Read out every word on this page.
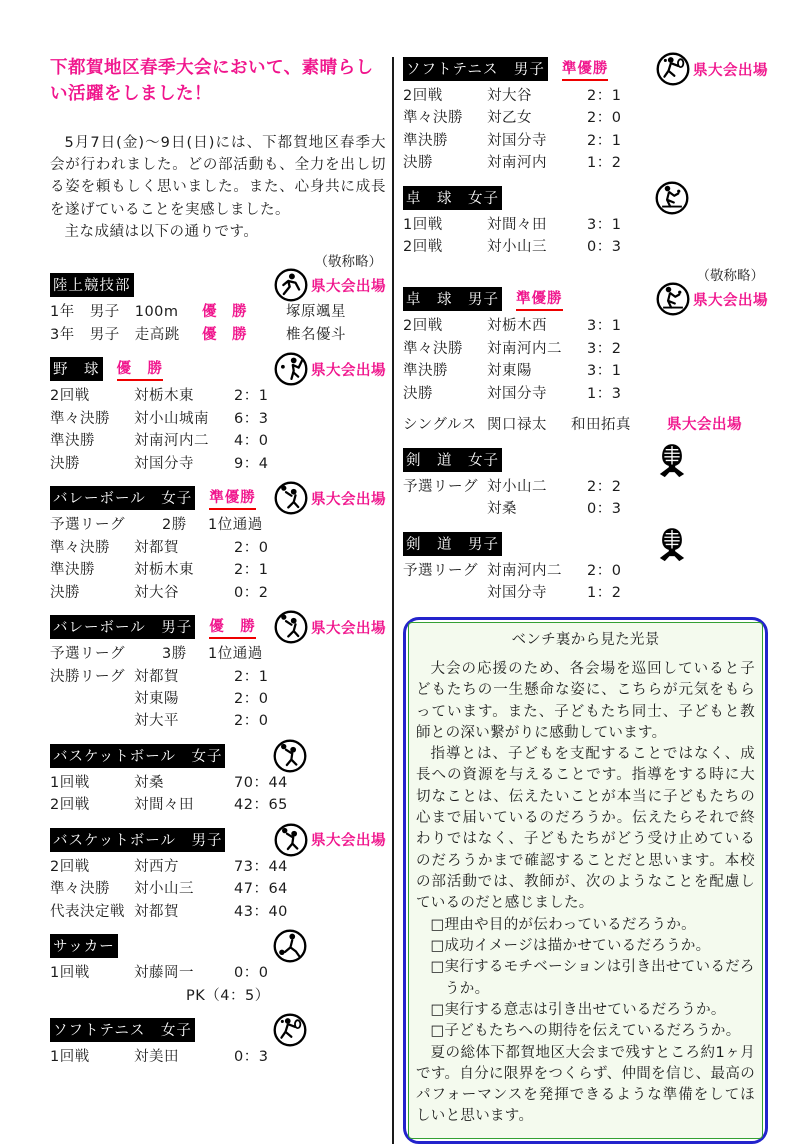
下都賀地区春季大会において、素晴らしい活躍をしました！

5月7日(金)～9日(日)には、下都賀地区春季大会が行われました。どの部活動も、全力を出し切る姿を頼もしく思いました。また、心身共に成長を遂げていることを実感しました。

主な成績は以下の通りです。

（敬称略）
陸上競技部	県大会出場
1年　男子　100m	優　勝	塚原颯星
3年　男子　走高跳	優　勝	椎名優斗
野　球 優　勝	県大会出場
2回戦	対栃木東	2：1
準々決勝	対小山城南	6：3
準決勝	対南河内二	4：0
決勝	対国分寺	9：4
バレーボール　女子 準優勝	県大会出場
予選リーグ	2勝	1位通過
準々決勝	対都賀	2：0
準決勝	対栃木東	2：1
決勝	対大谷	0：2
バレーボール　男子 優　勝	県大会出場
予選リーグ	3勝	1位通過
決勝リーグ 対都賀	2：1
対東陽	2：0
対大平	2：0
バスケットボール　女子
1回戦	対桑	70：44
2回戦	対間々田	42：65
バスケットボール　男子	県大会出場
2回戦	対西方	73：44
準々決勝	対小山三	47：64
代表決定戦 対都賀	43：40
サッカー
1回戦	対藤岡一	0：0
PK（4：5）
ソフトテニス　女子
1回戦	対美田	0：3
ソフトテニス　男子 準優勝	県大会出場
2回戦	対大谷	2：1
準々決勝	対乙女	2：0
準決勝	対国分寺	2：1
決勝	対南河内	1：2
卓　球　女子
1回戦	対間々田	3：1
2回戦	対小山三	0：3
（敬称略）
卓　球　男子 準優勝	県大会出場
2回戦	対栃木西	3：1
準々決勝	対南河内二	3：2
準決勝	対東陽	3：1
決勝	対国分寺	1：3
シングルス 関口禄太	和田拓真	県大会出場
剣　道　女子
予選リーグ 対小山二	2：2
対桑	0：3
剣　道　男子
予選リーグ 対南河内二	2：0
対国分寺	1：2
ベンチ裏から見た光景

大会の応援のため、各会場を巡回していると子どもたちの一生懸命な姿に、こちらが元気をもらっています。また、子どもたち同士、子どもと教師との深い繋がりに感動しています。

指導とは、子どもを支配することではなく、成長への資源を与えることです。指導をする時に大切なことは、伝えたいことが本当に子どもたちの心まで届いているのだろうか。伝えたらそれで終わりではなく、子どもたちがどう受け止めているのだろうかまで確認することだと思います。本校の部活動では、教師が、次のようなことを配慮しているのだと感じました。

□理由や目的が伝わっているだろうか。
□成功イメージは描かせているだろうか。
□実行するモチベーションは引き出せているだろうか。
□実行する意志は引き出せているだろうか。
□子どもたちへの期待を伝えているだろうか。

夏の総体下都賀地区大会まで残すところ約1ヶ月です。自分に限界をつくらず、仲間を信じ、最高のパフォーマンスを発揮できるような準備をしてほしいと思います。
